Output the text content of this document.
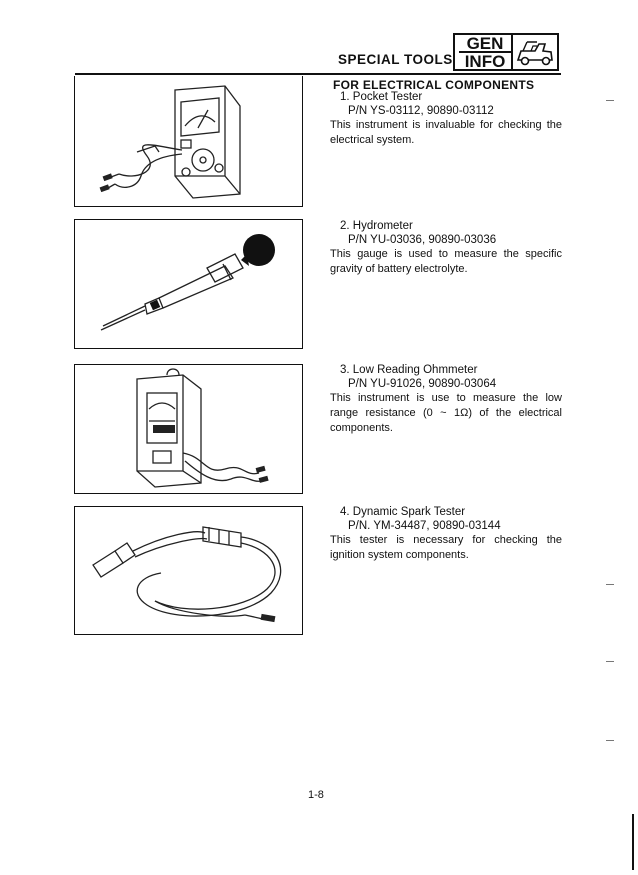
SPECIAL TOOLS
GEN
INFO
FOR ELECTRICAL COMPONENTS
1. Pocket Tester
P/N YS-03112, 90890-03112
This instrument is invaluable for checking the electrical system.
2. Hydrometer
P/N YU-03036, 90890-03036
This gauge is used to measure the specific gravity of battery electrolyte.
3. Low Reading Ohmmeter
P/N YU-91026, 90890-03064
This instrument is use to measure the low range resistance (0 ~ 1Ω) of the electrical components.
4. Dynamic Spark Tester
P/N. YM-34487, 90890-03144
This tester is necessary for checking the ignition system components.
1-8
